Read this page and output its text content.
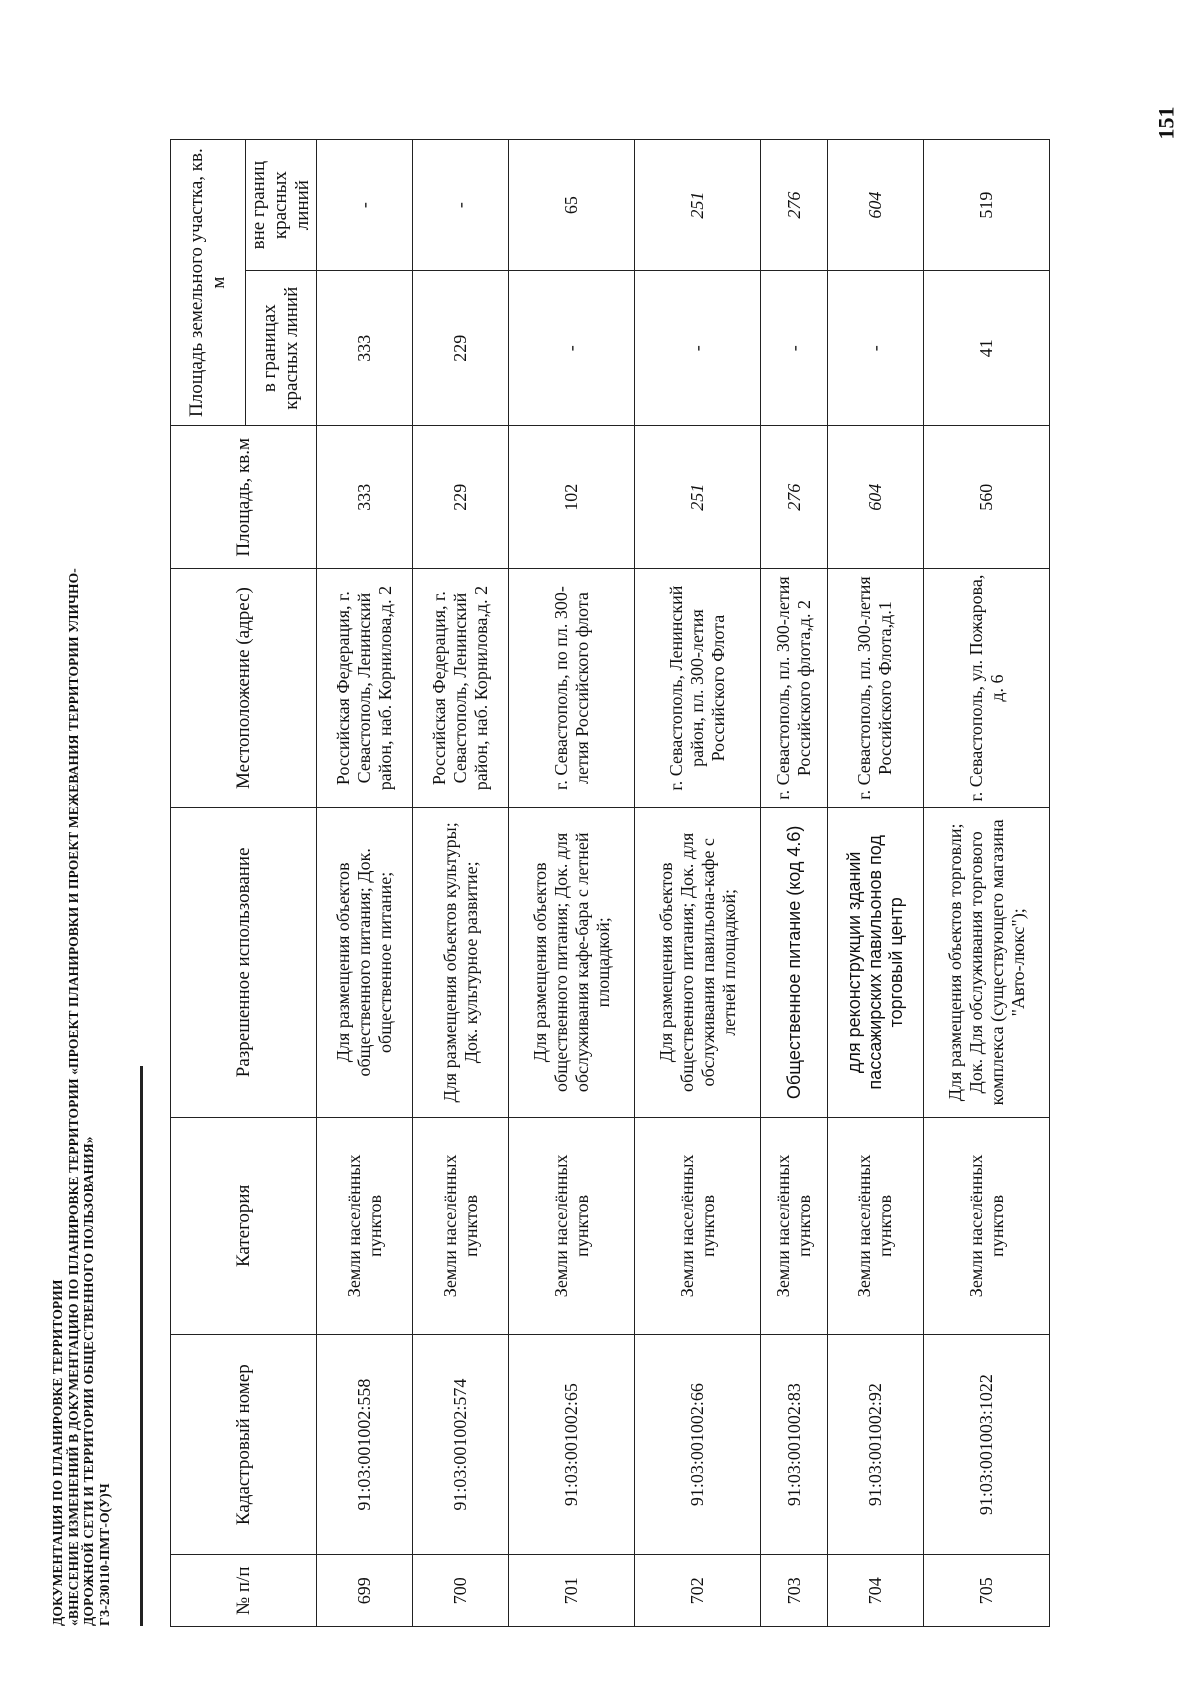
151
ДОКУМЕНТАЦИЯ ПО ПЛАНИРОВКЕ ТЕРРИТОРИИ «ВНЕСЕНИЕ ИЗМЕНЕНИЙ В ДОКУМЕНТАЦИЮ ПО ПЛАНИРОВКЕ ТЕРРИТОРИИ «ПРОЕКТ ПЛАНИРОВКИ И ПРОЕКТ МЕЖЕВАНИЯ ТЕРРИТОРИИ УЛИЧНО- ДОРОЖНОЙ СЕТИ И ТЕРРИТОРИИ ОБЩЕСТВЕННОГО ПОЛЬЗОВАНИЯ» ГЗ-230110-ПМТ-О(У)Ч	№ п/п	Кадастровый номер	Категория	Разрешенное использование	Местоположение (адрес)	Площадь, кв.м	Площадь земельного участка, кв. м	
						в границах красных линий	вне границ красных линий
699	91:03:001002:558	Земли населённых пунктов	Для размещения объектов общественного питания; Док. общественное питание;	Российская Федерация, г. Севастополь, Ленинский район, наб. Корнилова,д. 2	333	333	-
700	91:03:001002:574	Земли населённых пунктов	Для размещения объектов культуры; Док. культурное развитие;	Российская Федерация, г. Севастополь, Ленинский район, наб. Корнилова,д. 2	229	229	-
701	91:03:001002:65	Земли населённых пунктов	Для размещения объектов общественного питания; Док. для обслуживания кафе-бара с летней площадкой;	г. Севастополь, по пл. 300-летия Российского флота	102	-	65
702	91:03:001002:66	Земли населённых пунктов	Для размещения объектов общественного питания; Док. для обслуживания павильона-кафе с летней площадкой;	г. Севастополь, Ленинский район, пл. 300-летия Российского Флота	251	-	251
703	91:03:001002:83	Земли населённых пунктов	Общественное питание (код 4.6)	г. Севастополь, пл. 300-летия Российского флота,д. 2	276	-	276
704	91:03:001002:92	Земли населённых пунктов	для реконструкции зданий пассажирских павильонов под торговый центр	г. Севастополь, пл. 300-летия Российского Флота,д.1	604	-	604
705	91:03:001003:1022	Земли населённых пунктов	Для размещения объектов торговли; Док. Для обслуживания торгового комплекса (существующего магазина "Авто-люкс");	г. Севастополь, ул. Пожарова, д. 6	560	41	519
